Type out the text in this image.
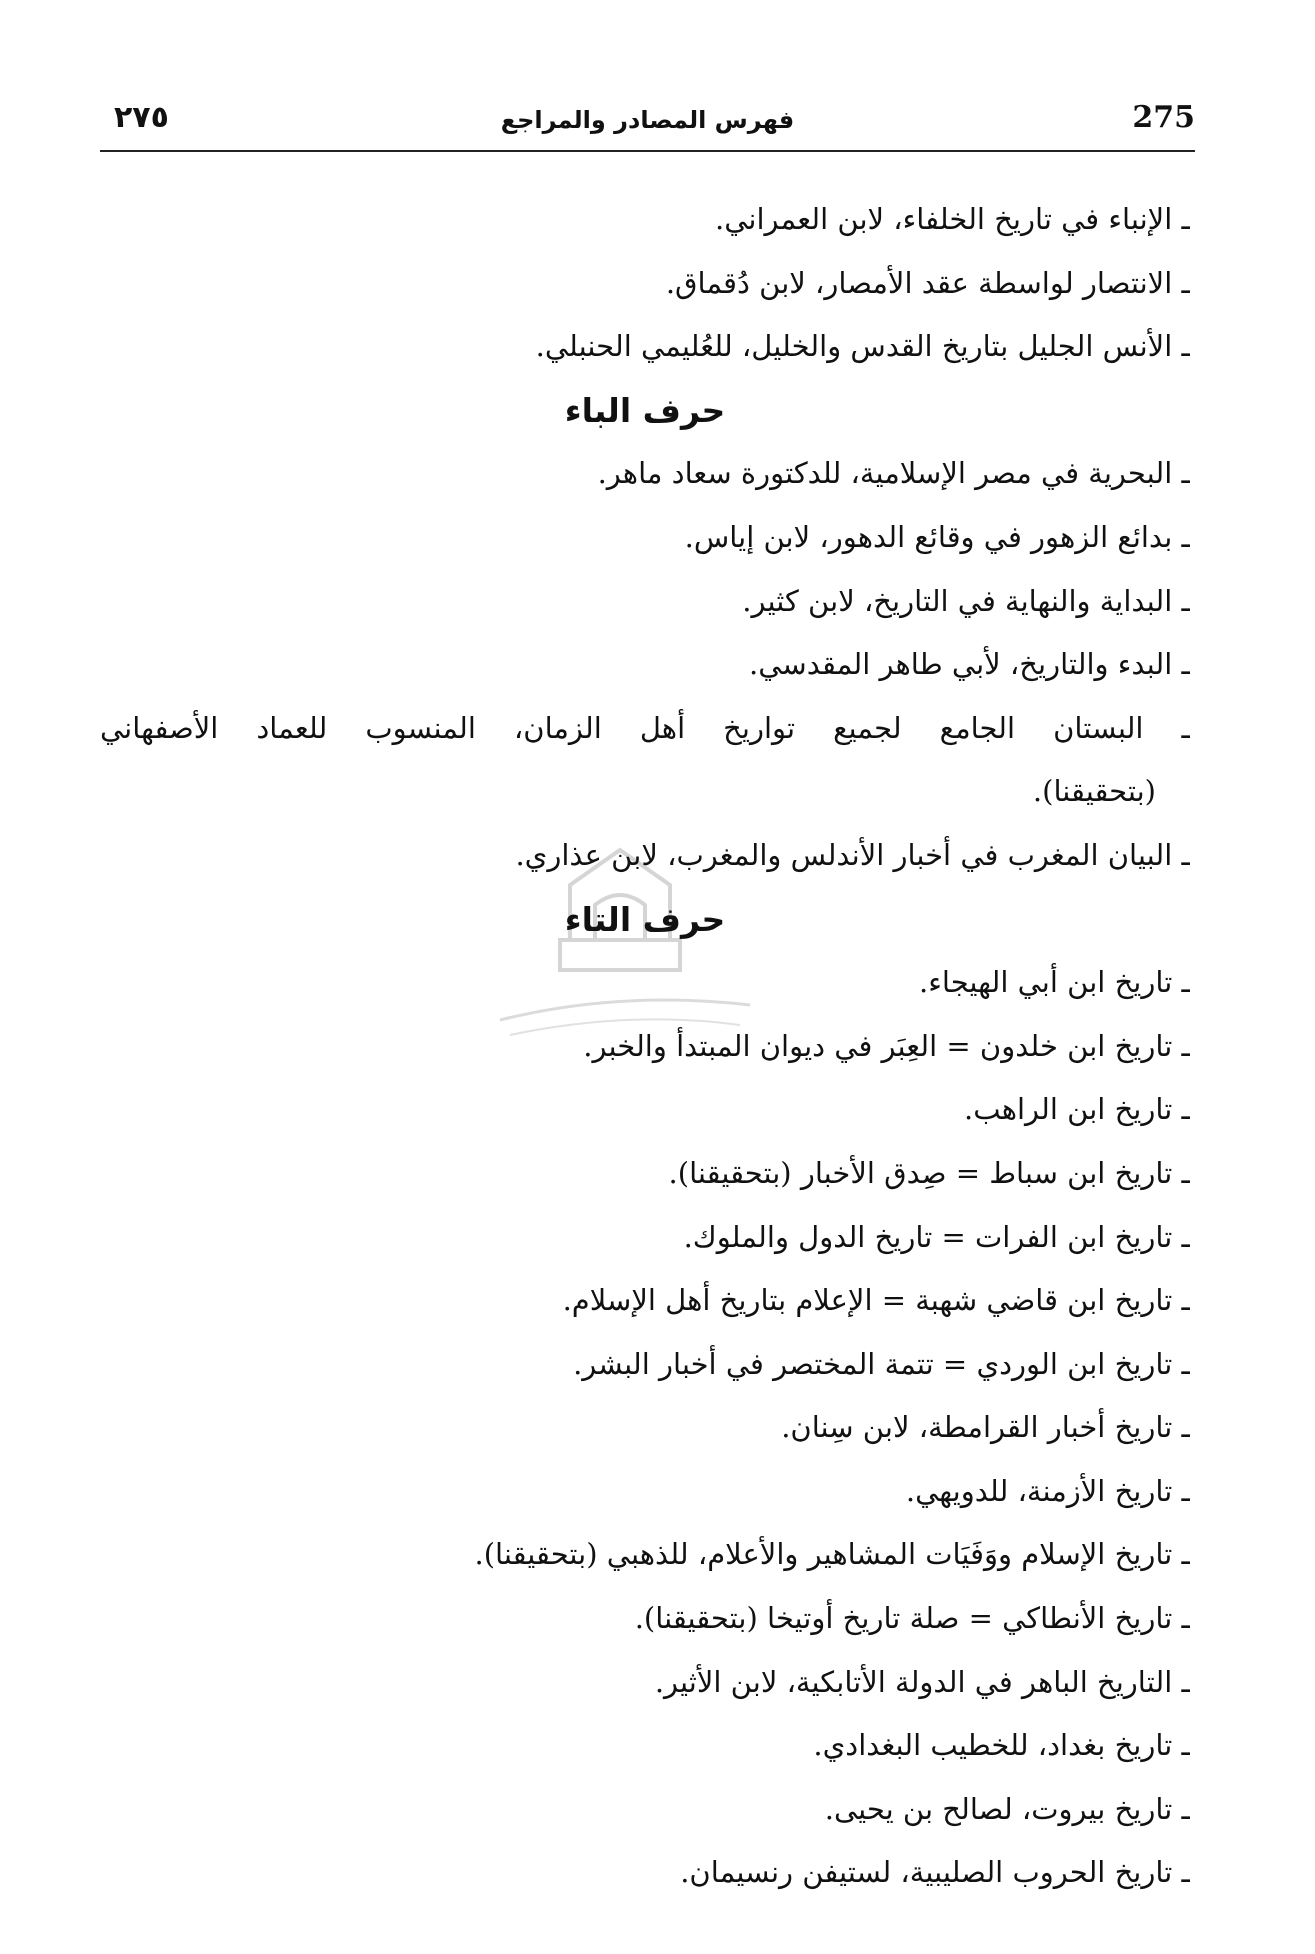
٢٧٥	فهرس المصادر والمراجع	275
ـ الإنباء في تاريخ الخلفاء، لابن العمراني.
ـ الانتصار لواسطة عقد الأمصار، لابن دُقماق.
ـ الأنس الجليل بتاريخ القدس والخليل، للعُليمي الحنبلي.
حرف الباء
ـ البحرية في مصر الإسلامية، للدكتورة سعاد ماهر.
ـ بدائع الزهور في وقائع الدهور، لابن إياس.
ـ البداية والنهاية في التاريخ، لابن كثير.
ـ البدء والتاريخ، لأبي طاهر المقدسي.
ـ البستان الجامع لجميع تواريخ أهل الزمان، المنسوب للعماد الأصفهاني
(بتحقيقنا).
ـ البيان المغرب في أخبار الأندلس والمغرب، لابن عذاري.
حرف التاء
ـ تاريخ ابن أبي الهيجاء.
ـ تاريخ ابن خلدون = العِبَر في ديوان المبتدأ والخبر.
ـ تاريخ ابن الراهب.
ـ تاريخ ابن سباط = صِدق الأخبار (بتحقيقنا).
ـ تاريخ ابن الفرات = تاريخ الدول والملوك.
ـ تاريخ ابن قاضي شهبة = الإعلام بتاريخ أهل الإسلام.
ـ تاريخ ابن الوردي = تتمة المختصر في أخبار البشر.
ـ تاريخ أخبار القرامطة، لابن سِنان.
ـ تاريخ الأزمنة، للدويهي.
ـ تاريخ الإسلام ووَفَيَات المشاهير والأعلام، للذهبي (بتحقيقنا).
ـ تاريخ الأنطاكي = صلة تاريخ أوتيخا (بتحقيقنا).
ـ التاريخ الباهر في الدولة الأتابكية، لابن الأثير.
ـ تاريخ بغداد، للخطيب البغدادي.
ـ تاريخ بيروت، لصالح بن يحيى.
ـ تاريخ الحروب الصليبية، لستيفن رنسيمان.
